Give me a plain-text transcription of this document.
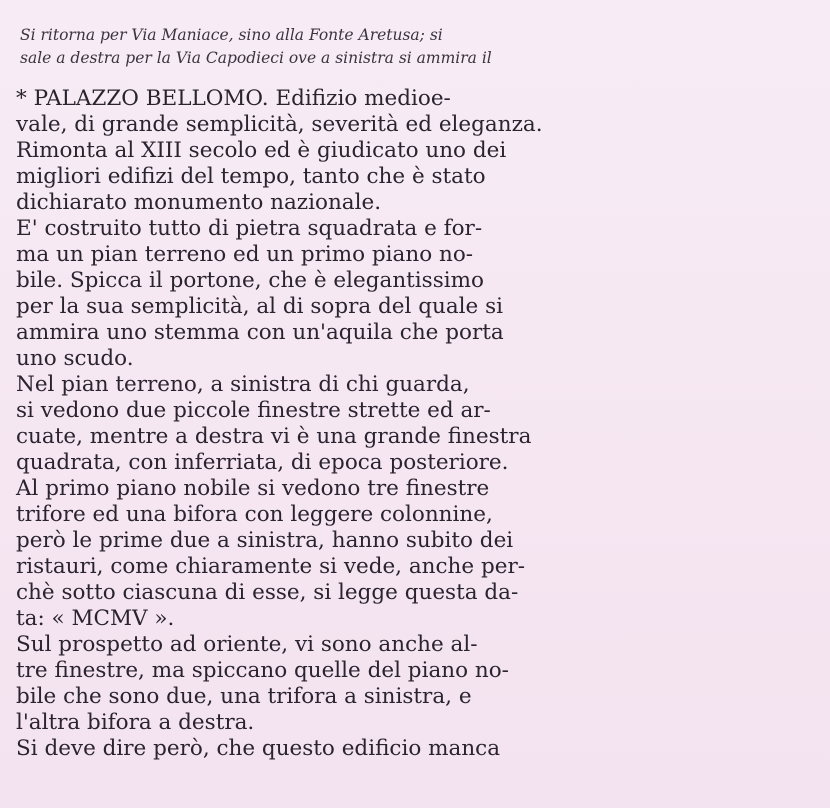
Si ritorna per Via Maniace, sino alla Fonte Aretusa; si
sale a destra per la Via Capodieci ove a sinistra si ammira il
* PALAZZO BELLOMO. Edifizio medioe-
vale, di grande semplicità, severità ed eleganza.
Rimonta al XIII secolo ed è giudicato uno dei
migliori edifizi del tempo, tanto che è stato
dichiarato monumento nazionale.
E' costruito tutto di pietra squadrata e for-
ma un pian terreno ed un primo piano no-
bile. Spicca il portone, che è elegantissimo
per la sua semplicità, al di sopra del quale si
ammira uno stemma con un'aquila che porta
uno scudo.
Nel pian terreno, a sinistra di chi guarda,
si vedono due piccole finestre strette ed ar-
cuate, mentre a destra vi è una grande finestra
quadrata, con inferriata, di epoca posteriore.
Al primo piano nobile si vedono tre finestre
trifore ed una bifora con leggere colonnine,
però le prime due a sinistra, hanno subito dei
ristauri, come chiaramente si vede, anche per-
chè sotto ciascuna di esse, si legge questa da-
ta: « MCMV ».
Sul prospetto ad oriente, vi sono anche al-
tre finestre, ma spiccano quelle del piano no-
bile che sono due, una trifora a sinistra, e
l'altra bifora a destra.
Si deve dire però, che questo edificio manca
